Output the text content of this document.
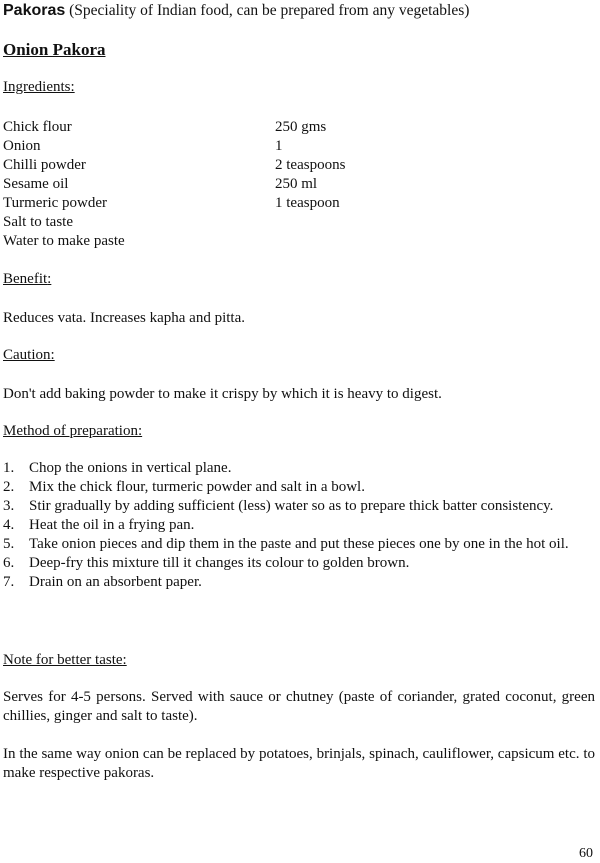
Pakoras (Speciality of Indian food, can be prepared from any vegetables)
Onion Pakora
Ingredients:
Chick flour	250 gms
Onion	1
Chilli powder	2 teaspoons
Sesame oil	250 ml
Turmeric powder	1 teaspoon
Salt to taste	
Water to make paste	
Benefit:
Reduces vata. Increases kapha and pitta.
Caution:
Don't add baking powder to make it crispy by which it is heavy to digest.
Method of preparation:
1. Chop the onions in vertical plane.
2. Mix the chick flour, turmeric powder and salt in a bowl.
3. Stir gradually by adding sufficient (less) water so as to prepare thick batter consistency.
4. Heat the oil in a frying pan.
5. Take onion pieces and dip them in the paste and put these pieces one by one in the hot oil.
6. Deep-fry this mixture till it changes its colour to golden brown.
7. Drain on an absorbent paper.
Note for better taste:
Serves for 4-5 persons. Served with sauce or chutney (paste of coriander, grated coconut, green chillies, ginger and salt to taste).
In the same way onion can be replaced by potatoes, brinjals, spinach, cauliflower, capsicum etc. to make respective pakoras.
60
